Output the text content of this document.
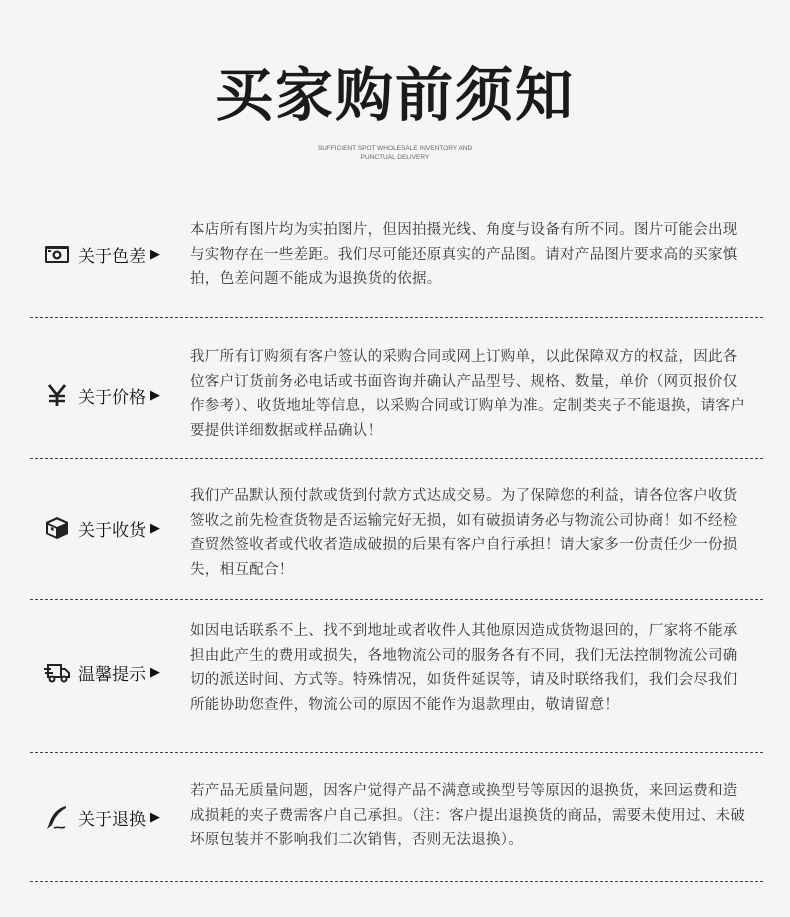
买家购前须知
SUFFICIENT SPOT WHOLESALE INVENTORY AND
PUNCTUAL DELIVERY
关于色差 ▶
本店所有图片均为实拍图片，但因拍摄光线、角度与设备有所不同。图片可能会出现与实物存在一些差距。我们尽可能还原真实的产品图。请对产品图片要求高的买家慎拍，色差问题不能成为退换货的依据。
关于价格 ▶
我厂所有订购须有客户签认的采购合同或网上订购单，以此保障双方的权益，因此各位客户订货前务必电话或书面咨询并确认产品型号、规格、数量，单价（网页报价仅作参考）、收货地址等信息，以采购合同或订购单为准。定制类夹子不能退换，请客户要提供详细数据或样品确认！
关于收货 ▶
我们产品默认预付款或货到付款方式达成交易。为了保障您的利益，请各位客户收货签收之前先检查货物是否运输完好无损，如有破损请务必与物流公司协商！如不经检查贸然签收者或代收者造成破损的后果有客户自行承担！请大家多一份责任少一份损失，相互配合！
温馨提示 ▶
如因电话联系不上、找不到地址或者收件人其他原因造成货物退回的，厂家将不能承担由此产生的费用或损失，各地物流公司的服务各有不同，我们无法控制物流公司确切的派送时间、方式等。特殊情况，如货件延误等，请及时联络我们，我们会尽我们所能协助您查件，物流公司的原因不能作为退款理由，敬请留意！
关于退换 ▶
若产品无质量问题，因客户觉得产品不满意或换型号等原因的退换货，来回运费和造成损耗的夹子费需客户自己承担。（注：客户提出退换货的商品，需要未使用过、未破坏原包装并不影响我们二次销售，否则无法退换）。
